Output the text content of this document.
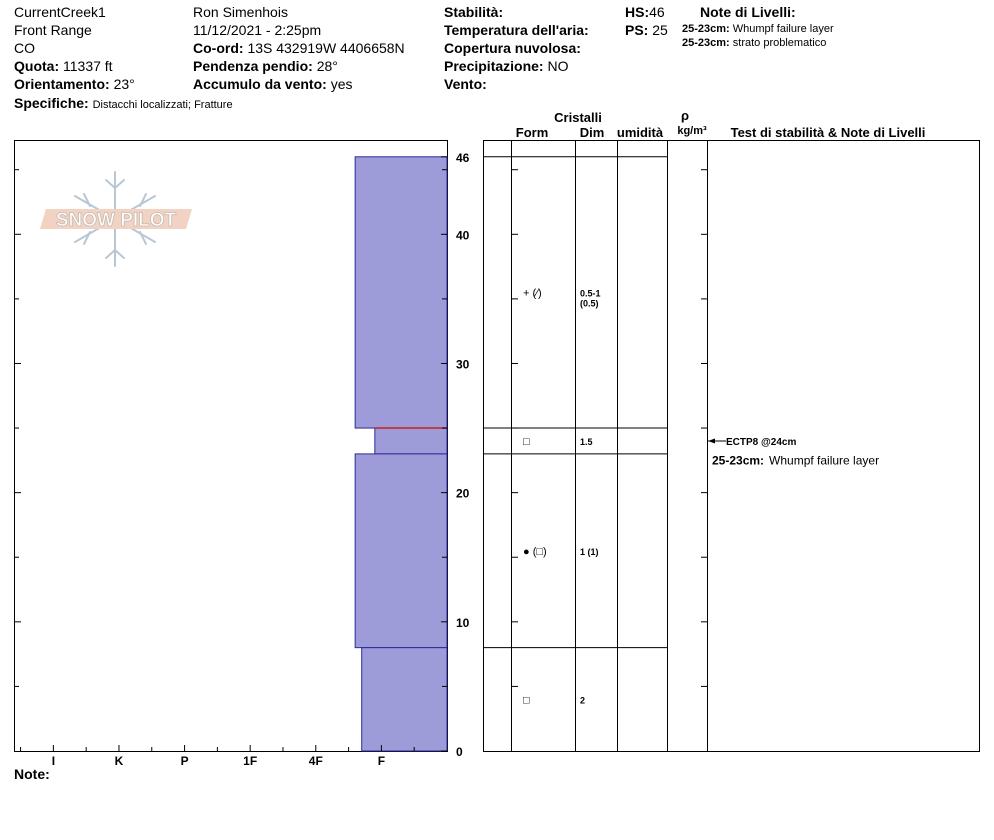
CurrentCreek1
Front Range
CO
Quota: 11337 ft
Orientamento: 23°
Specifiche: Distacchi localizzati; Fratture
Ron Simenhois
11/12/2021 - 2:25pm
Co-ord: 13S 432919W 4406658N
Pendenza pendio: 28°
Accumulo da vento: yes
Stabilità:
Temperatura dell'aria:
Copertura nuvolosa:
Precipitazione: NO
Vento:
HS:46
PS: 25
Note di Livelli:
25-23cm: Whumpf failure layer
25-23cm: strato problematico
Note:
SNOW PILOT
I	K	P	1F	4F	F
0
10
20
30
40
46
Cristalli
Form Dim umidità
ρ
kg/m³ Test di stabilità & Note di Livelli
+ (∕)	0.5-1
(0.5)
□	1.5
● (□)	1 (1)
□	2
ECTP8 @24cm
25-23cm: Whumpf failure layer
